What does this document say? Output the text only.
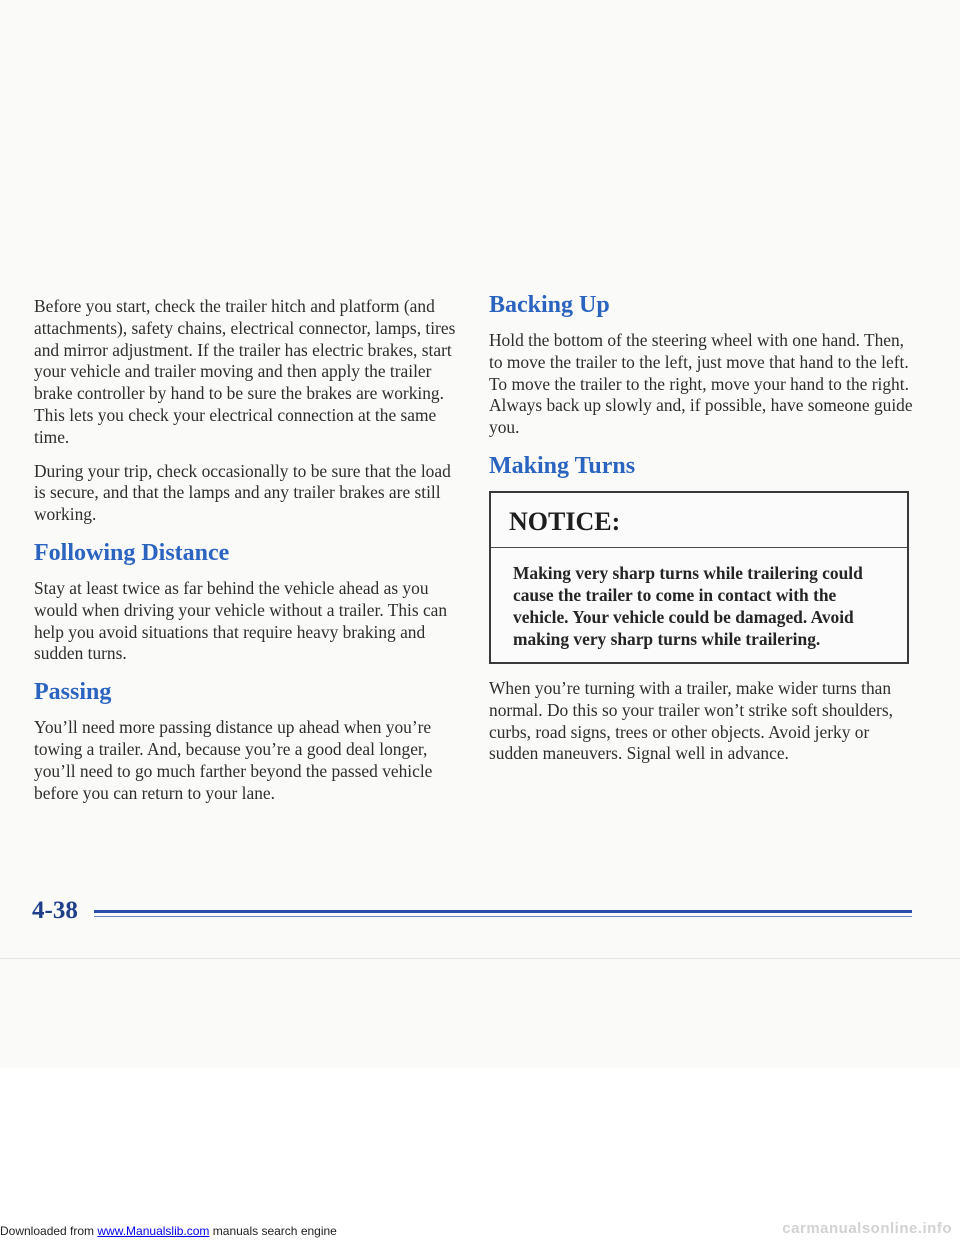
Before you start, check the trailer hitch and platform (and attachments), safety chains, electrical connector, lamps, tires and mirror adjustment. If the trailer has electric brakes, start your vehicle and trailer moving and then apply the trailer brake controller by hand to be sure the brakes are working. This lets you check your electrical connection at the same time.

During your trip, check occasionally to be sure that the load is secure, and that the lamps and any trailer brakes are still working.

Following Distance

Stay at least twice as far behind the vehicle ahead as you would when driving your vehicle without a trailer. This can help you avoid situations that require heavy braking and sudden turns.

Passing

You’ll need more passing distance up ahead when you’re towing a trailer. And, because you’re a good deal longer, you’ll need to go much farther beyond the passed vehicle before you can return to your lane.

Backing Up

Hold the bottom of the steering wheel with one hand. Then, to move the trailer to the left, just move that hand to the left. To move the trailer to the right, move your hand to the right. Always back up slowly and, if possible, have someone guide you.

Making Turns
NOTICE:
Making very sharp turns while trailering could cause the trailer to come in contact with the vehicle. Your vehicle could be damaged. Avoid making very sharp turns while trailering.

When you’re turning with a trailer, make wider turns than normal. Do this so your trailer won’t strike soft shoulders, curbs, road signs, trees or other objects. Avoid jerky or sudden maneuvers. Signal well in advance.

4-38
Downloaded from www.Manualslib.com manuals search engine	carmanualsonline.info
